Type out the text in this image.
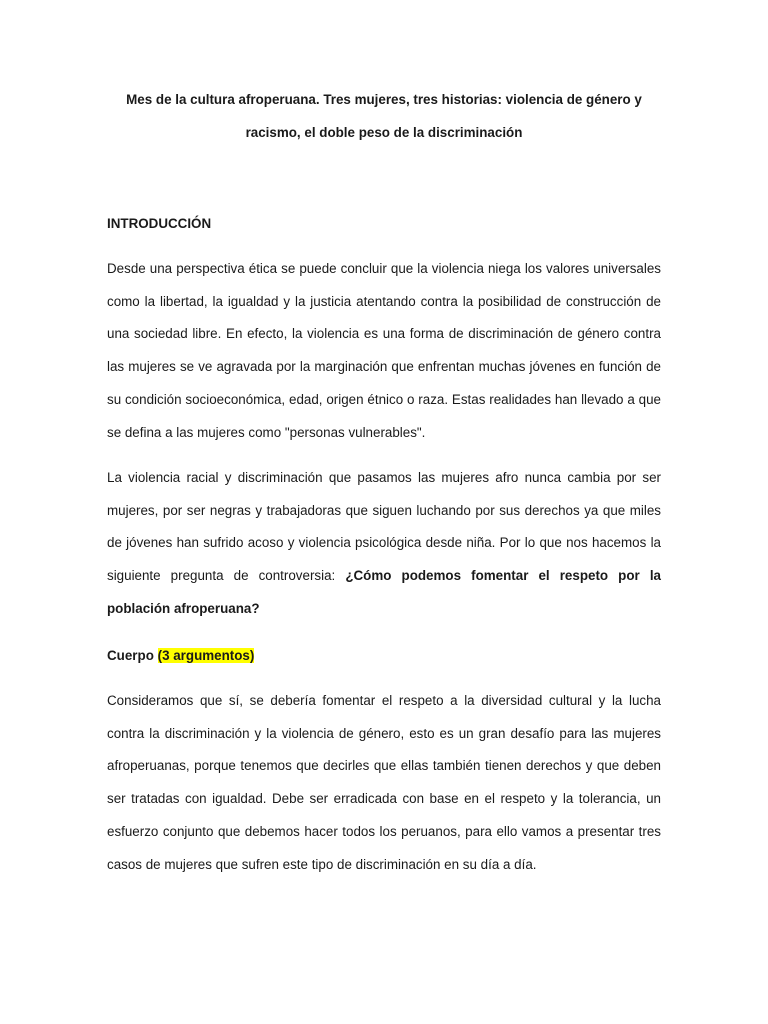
Mes de la cultura afroperuana. Tres mujeres, tres historias: violencia de género y
racismo, el doble peso de la discriminación
INTRODUCCIÓN

Desde una perspectiva ética se puede concluir que la violencia niega los valores universales como la libertad, la igualdad y la justicia atentando contra la posibilidad de construcción de una sociedad libre. En efecto, la violencia es una forma de discriminación de género contra las mujeres se ve agravada por la marginación que enfrentan muchas jóvenes en función de su condición socioeconómica, edad, origen étnico o raza. Estas realidades han llevado a que se defina a las mujeres como "personas vulnerables".

La violencia racial y discriminación que pasamos las mujeres afro nunca cambia por ser mujeres, por ser negras y trabajadoras que siguen luchando por sus derechos ya que miles de jóvenes han sufrido acoso y violencia psicológica desde niña. Por lo que nos hacemos la siguiente pregunta de controversia: ¿Cómo podemos fomentar el respeto por la población afroperuana?

Cuerpo (3 argumentos)

Consideramos que sí, se debería fomentar el respeto a la diversidad cultural y la lucha contra la discriminación y la violencia de género, esto es un gran desafío para las mujeres afroperuanas, porque tenemos que decirles que ellas también tienen derechos y que deben ser tratadas con igualdad. Debe ser erradicada con base en el respeto y la tolerancia, un esfuerzo conjunto que debemos hacer todos los peruanos, para ello vamos a presentar tres casos de mujeres que sufren este tipo de discriminación en su día a día.
